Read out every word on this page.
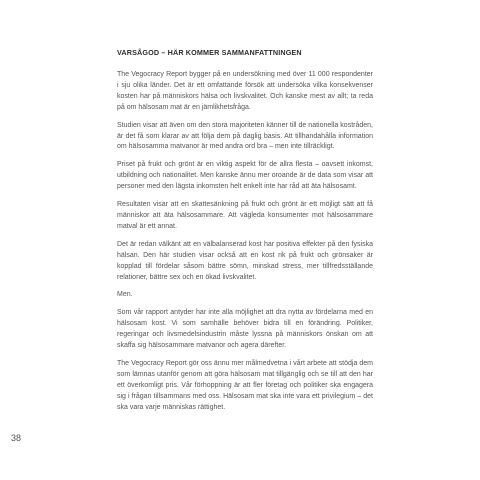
VARSÅGOD – HÄR KOMMER SAMMANFATTNINGEN

The Vegocracy Report bygger på en undersökning med över 11 000 respondenter i sju olika länder. Det är ett omfattande försök att undersöka vilka konsekvenser kosten har på människors hälsa och livskvalitet. Och kanske mest av allt; ta reda på om hälsosam mat är en jämlikhetsfråga.

Studien visar att även om den stora majoriteten känner till de nationella kostråden, är det få som klarar av att följa dem på daglig basis. Att tillhandahålla information om hälsosamma matvanor är med andra ord bra – men inte tillräckligt.

Priset på frukt och grönt är en viktig aspekt för de allra flesta – oavsett inkomst, utbildning och nationalitet. Men kanske ännu mer oroande är de data som visar att personer med den lägsta inkomsten helt enkelt inte har råd att äta hälsosamt.

Resultaten visar att en skattesänkning på frukt och grönt är ett möjligt sätt att få människor att äta hälsosammare. Att vägleda konsumenter mot hälsosammare matval är ett annat.

Det är redan välkänt att en välbalanserad kost har positiva effekter på den fysiska hälsan. Den här studien visar också att en kost rik på frukt och grönsaker är kopplad till fördelar såsom bättre sömn, minskad stress, mer tillfredsställande relationer, bättre sex och en ökad livskvalitet.

Men.

Som vår rapport antyder har inte alla möjlighet att dra nytta av fördelarna med en hälsosam kost. Vi som samhälle behöver bidra till en förändring. Politiker, regeringar och livsmedelsindustrin måste lyssna på människors önskan om att skaffa sig hälsosammare matvanor och agera därefter.

The Vegocracy Report gör oss ännu mer målmedvetna i vårt arbete att stödja dem som lämnas utanför genom att göra hälsosam mat tillgänglig och se till att den har ett överkomligt pris. Vår förhoppning är att fler företag och politiker ska engagera sig i frågan tillsammans med oss. Hälsosam mat ska inte vara ett privilegium – det ska vara varje människas rättighet.

38
